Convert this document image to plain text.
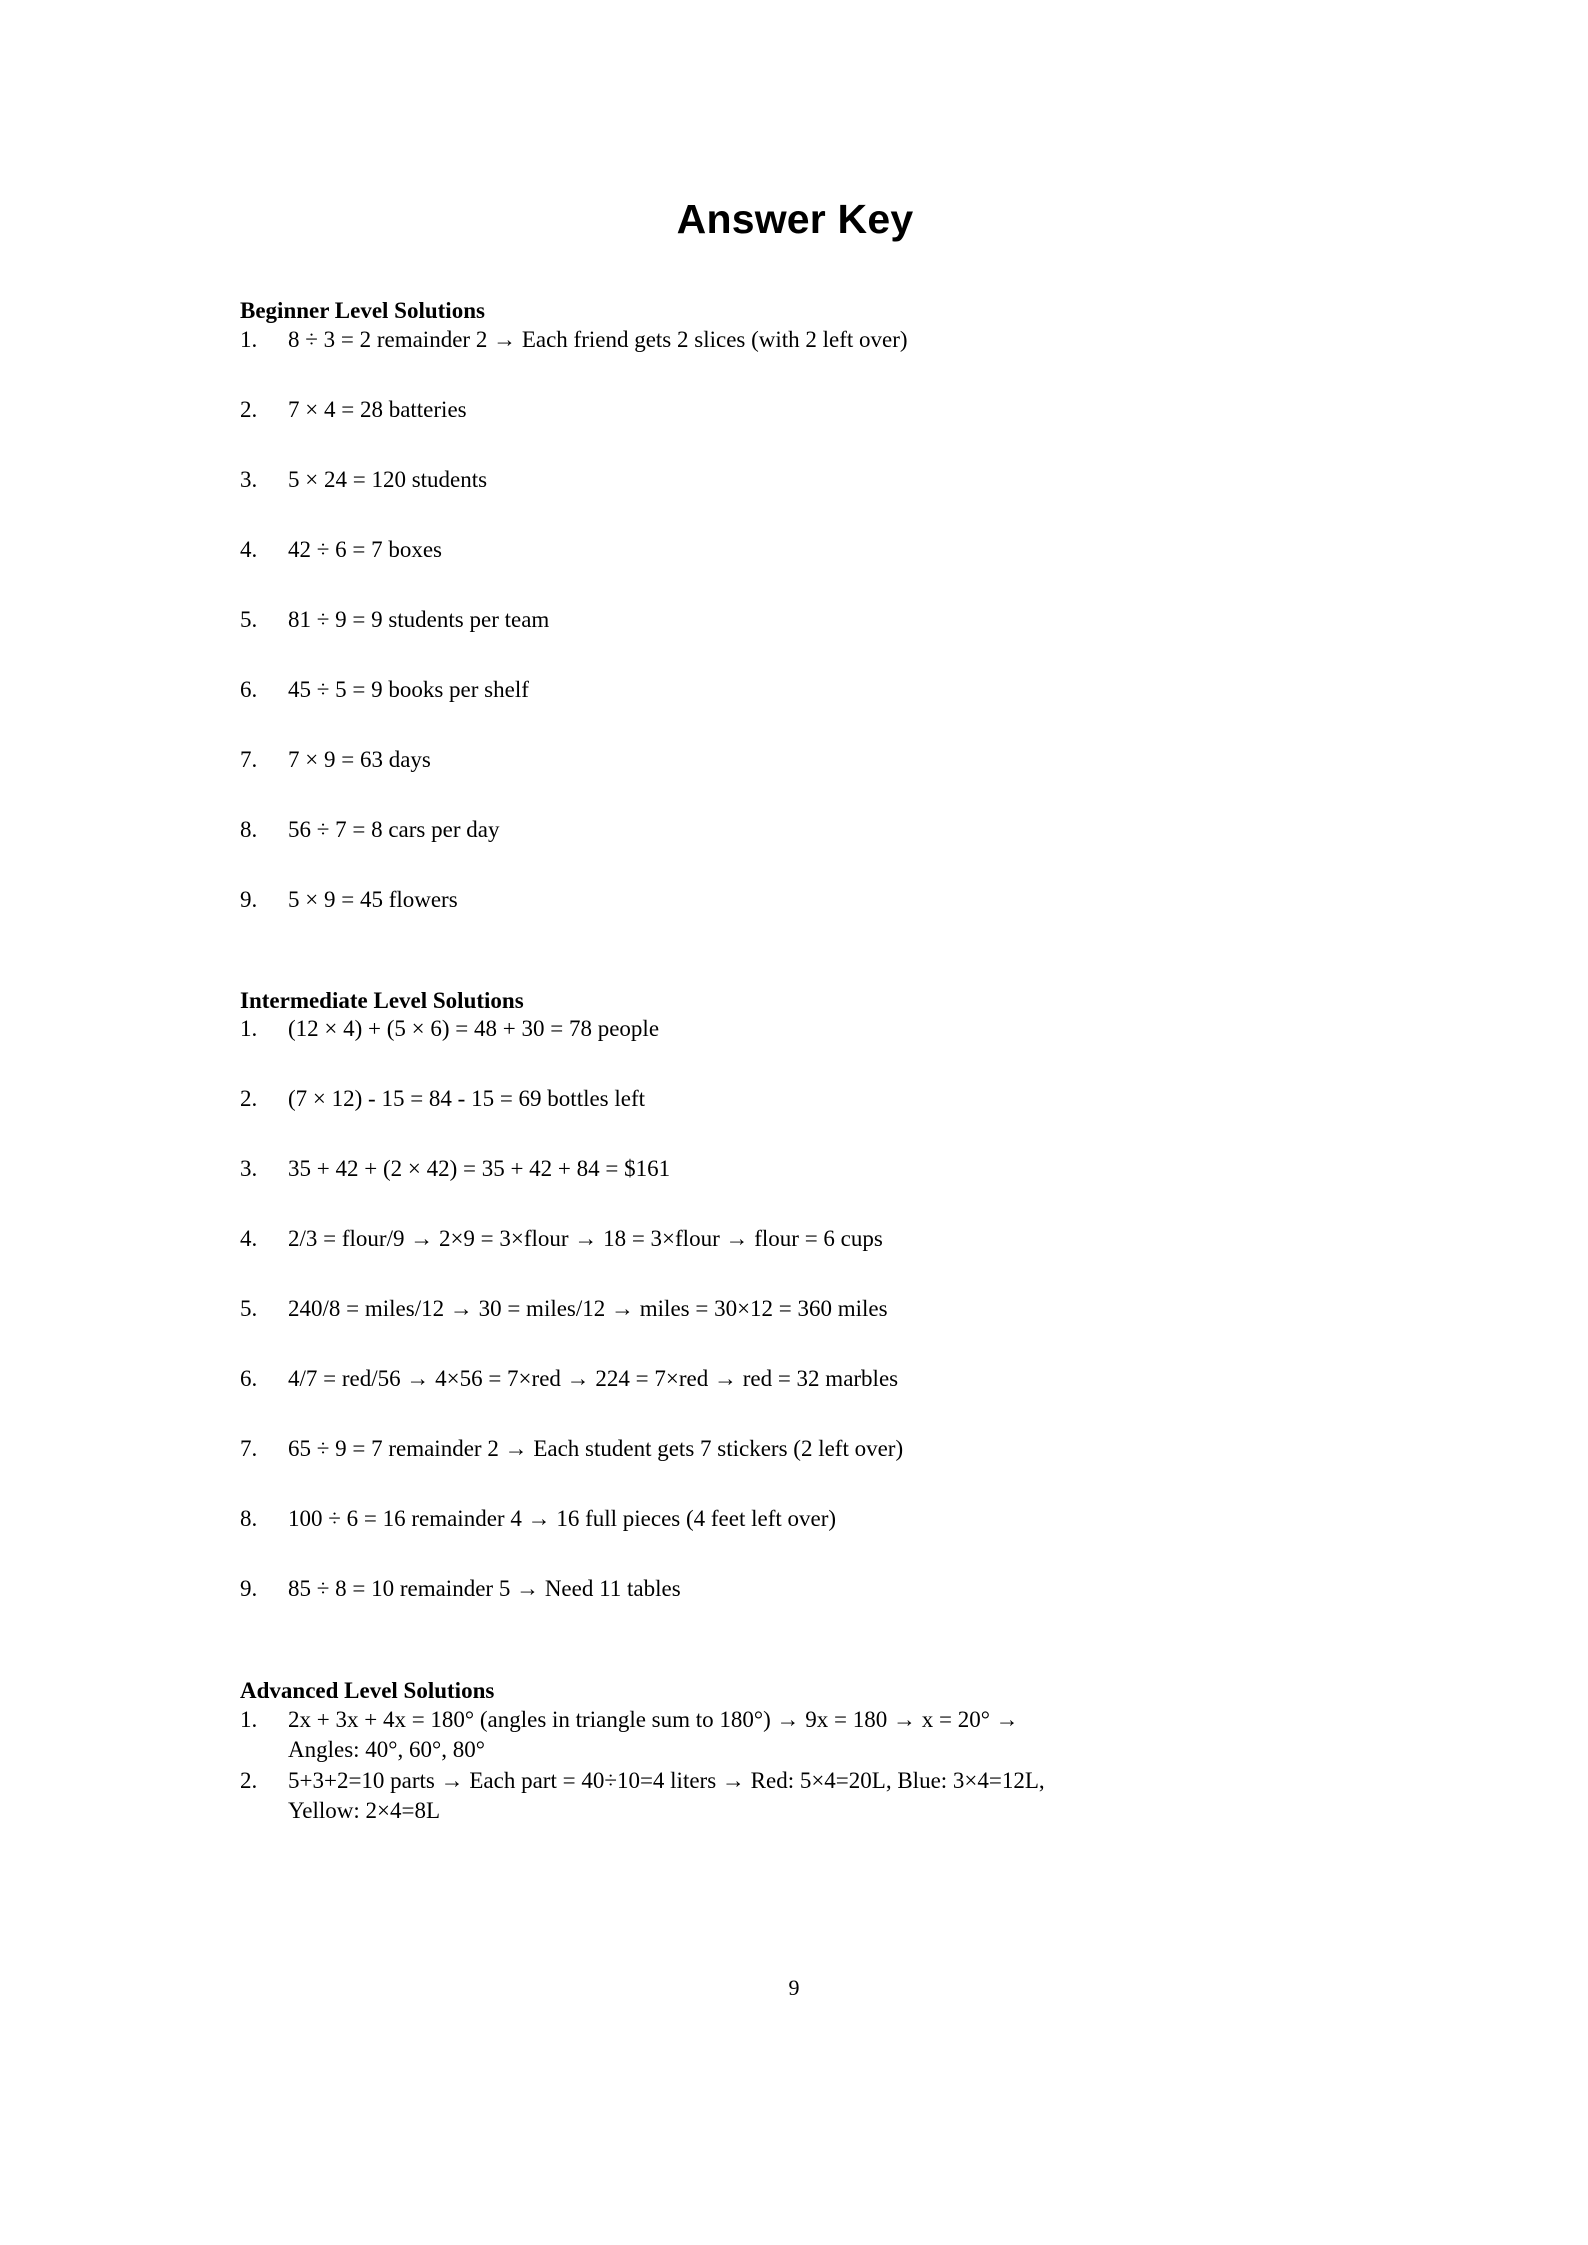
Answer Key
Beginner Level Solutions
1.	8 ÷ 3 = 2 remainder 2 → Each friend gets 2 slices (with 2 left over)
2.	7 × 4 = 28 batteries
3.	5 × 24 = 120 students
4.	42 ÷ 6 = 7 boxes
5.	81 ÷ 9 = 9 students per team
6.	45 ÷ 5 = 9 books per shelf
7.	7 × 9 = 63 days
8.	56 ÷ 7 = 8 cars per day
9.	5 × 9 = 45 flowers
Intermediate Level Solutions
1.	(12 × 4) + (5 × 6) = 48 + 30 = 78 people
2.	(7 × 12) - 15 = 84 - 15 = 69 bottles left
3.	35 + 42 + (2 × 42) = 35 + 42 + 84 = $161
4.	2/3 = flour/9 → 2×9 = 3×flour → 18 = 3×flour → flour = 6 cups
5.	240/8 = miles/12 → 30 = miles/12 → miles = 30×12 = 360 miles
6.	4/7 = red/56 → 4×56 = 7×red → 224 = 7×red → red = 32 marbles
7.	65 ÷ 9 = 7 remainder 2 → Each student gets 7 stickers (2 left over)
8.	100 ÷ 6 = 16 remainder 4 → 16 full pieces (4 feet left over)
9.	85 ÷ 8 = 10 remainder 5 → Need 11 tables
Advanced Level Solutions
1.	2x + 3x + 4x = 180° (angles in triangle sum to 180°) → 9x = 180 → x = 20° →
Angles: 40°, 60°, 80°
2.	5+3+2=10 parts → Each part = 40÷10=4 liters → Red: 5×4=20L, Blue: 3×4=12L,
Yellow: 2×4=8L
9
